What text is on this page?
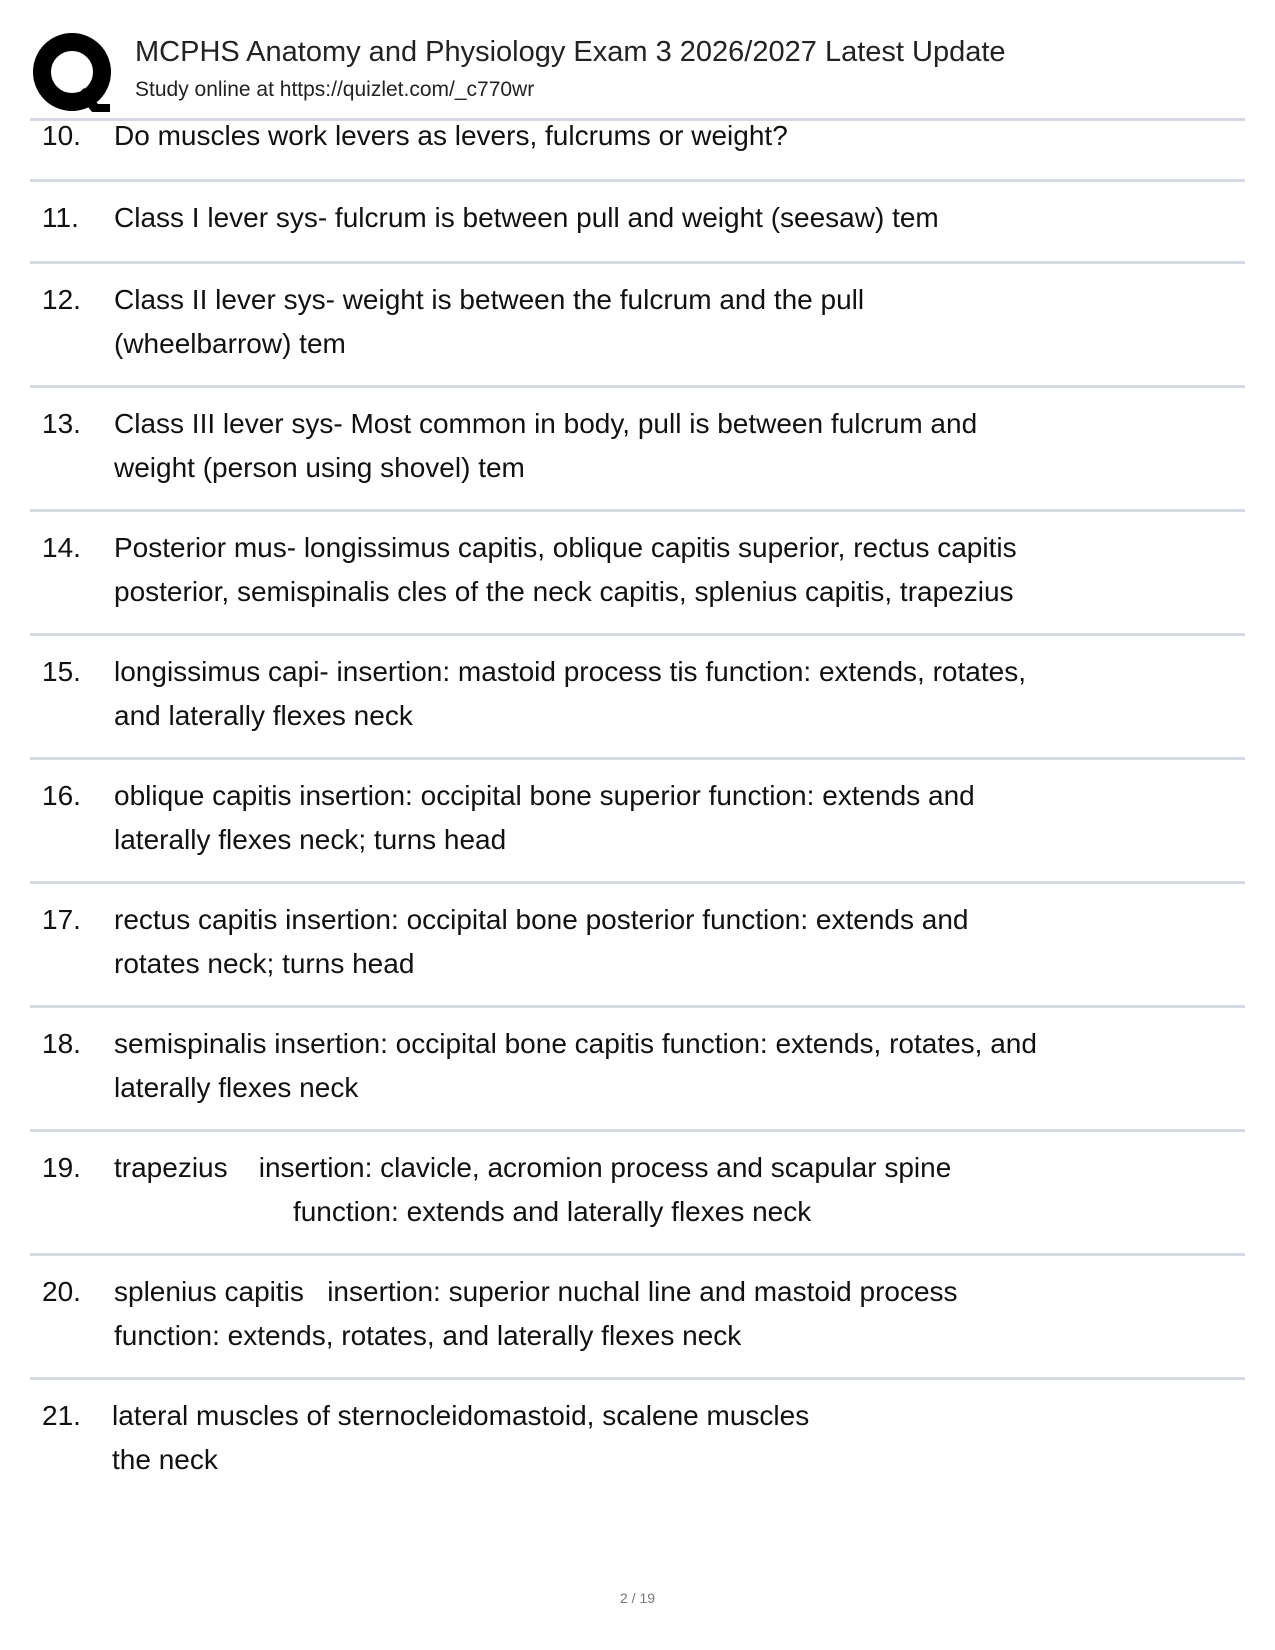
MCPHS Anatomy and Physiology Exam 3 2026/2027 Latest Update
Study online at https://quizlet.com/_c770wr
10. Do muscles work levers as levers, fulcrums or weight?
11. Class I lever sys- fulcrum is between pull and weight (seesaw) tem
12. Class II lever sys- weight is between the fulcrum and the pull
(wheelbarrow) tem
13. Class III lever sys- Most common in body, pull is between fulcrum and
weight (person using shovel) tem
14. Posterior mus- longissimus capitis, oblique capitis superior, rectus capitis
posterior, semispinalis cles of the neck capitis, splenius capitis, trapezius
15. longissimus capi- insertion: mastoid process tis function: extends, rotates,
and laterally flexes neck
16. oblique capitis insertion: occipital bone superior function: extends and
laterally flexes neck; turns head
17. rectus capitis insertion: occipital bone posterior function: extends and
rotates neck; turns head
18. semispinalis insertion: occipital bone capitis function: extends, rotates, and
laterally flexes neck
19. trapezius    insertion: clavicle, acromion process and scapular spine
function: extends and laterally flexes neck
20. splenius capitis   insertion: superior nuchal line and mastoid process
function: extends, rotates, and laterally flexes neck
21. lateral muscles of sternocleidomastoid, scalene muscles
the neck
2 / 19
